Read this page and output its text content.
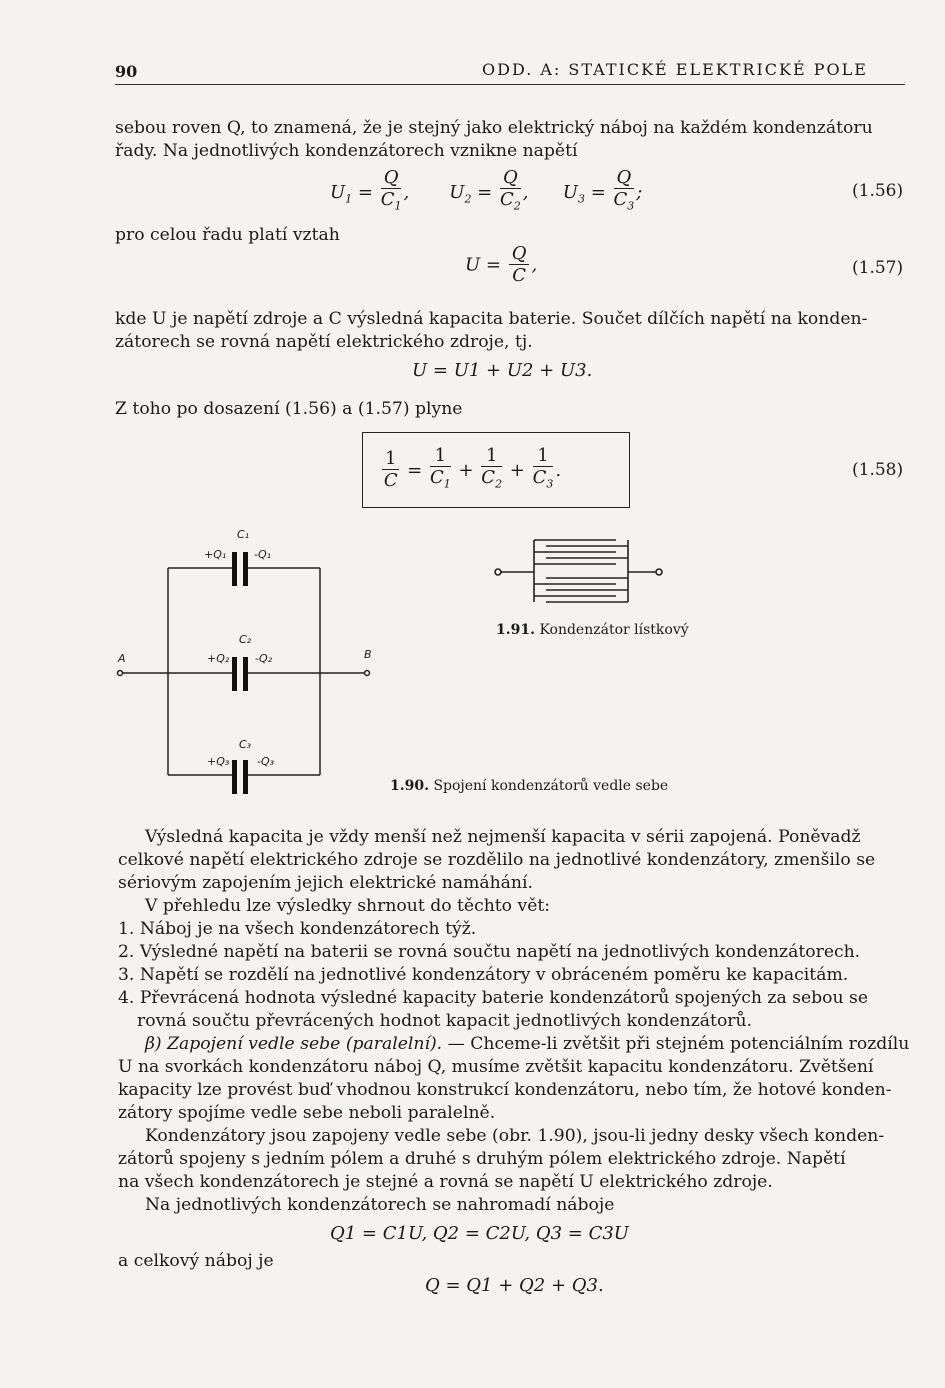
90	ODD. A: STATICKÉ ELEKTRICKÉ POLE
sebou roven Q, to znamená, že je stejný jako elektrický náboj na každém kondenzátoru
řady. Na jednotlivých kondenzátorech vznikne napětí
$U_1 = \frac{Q}{C_1}$ ,       $U_2 = \frac{Q}{C_2}$ ,      $U_3 = \frac{Q}{C_3}$ ;	(1.56)
pro celou řadu platí vztah
$U = \frac{Q}{C}$ ,	(1.57)
kde U je napětí zdroje a C výsledná kapacita baterie. Součet dílčích napětí na konden-
zátorech se rovná napětí elektrického zdroje, tj.
U = U1 + U2 + U3.
Z toho po dosazení (1.56) a (1.57) plyne
$\frac{1}{C} = \frac{1}{C_1} + \frac{1}{C_2} + \frac{1}{C_3}$ .	(1.58)
C₁
+Q₁	-Q₁
C₂
+Q₂ -Q₂
A	B
C₃
+Q₃	-Q₃
1.90. Spojení kondenzátorů vedle sebe
1.91. Kondenzátor lístkový
Výsledná kapacita je vždy menší než nejmenší kapacita v sérii zapojená. Poněvadž
celkové napětí elektrického zdroje se rozdělilo na jednotlivé kondenzátory, zmenšilo se
sériovým zapojením jejich elektrické namáhání.
V přehledu lze výsledky shrnout do těchto vět:
1. Náboj je na všech kondenzátorech týž.
2. Výsledné napětí na baterii se rovná součtu napětí na jednotlivých kondenzátorech.
3. Napětí se rozdělí na jednotlivé kondenzátory v obráceném poměru ke kapacitám.
4. Převrácená hodnota výsledné kapacity baterie kondenzátorů spojených za sebou se
rovná součtu převrácených hodnot kapacit jednotlivých kondenzátorů.
β) Zapojení vedle sebe (paralelní). — Chceme-li zvětšit při stejném potenciálním rozdílu
U na svorkách kondenzátoru náboj Q, musíme zvětšit kapacitu kondenzátoru. Zvětšení
kapacity lze provést buď vhodnou konstrukcí kondenzátoru, nebo tím, že hotové konden-
zátory spojíme vedle sebe neboli paralelně.
Kondenzátory jsou zapojeny vedle sebe (obr. 1.90), jsou-li jedny desky všech konden-
zátorů spojeny s jedním pólem a druhé s druhým pólem elektrického zdroje. Napětí
na všech kondenzátorech je stejné a rovná se napětí U elektrického zdroje.
Na jednotlivých kondenzátorech se nahromadí náboje
Q1 = C1U, Q2 = C2U, Q3 = C3U
a celkový náboj je
Q = Q1 + Q2 + Q3.
